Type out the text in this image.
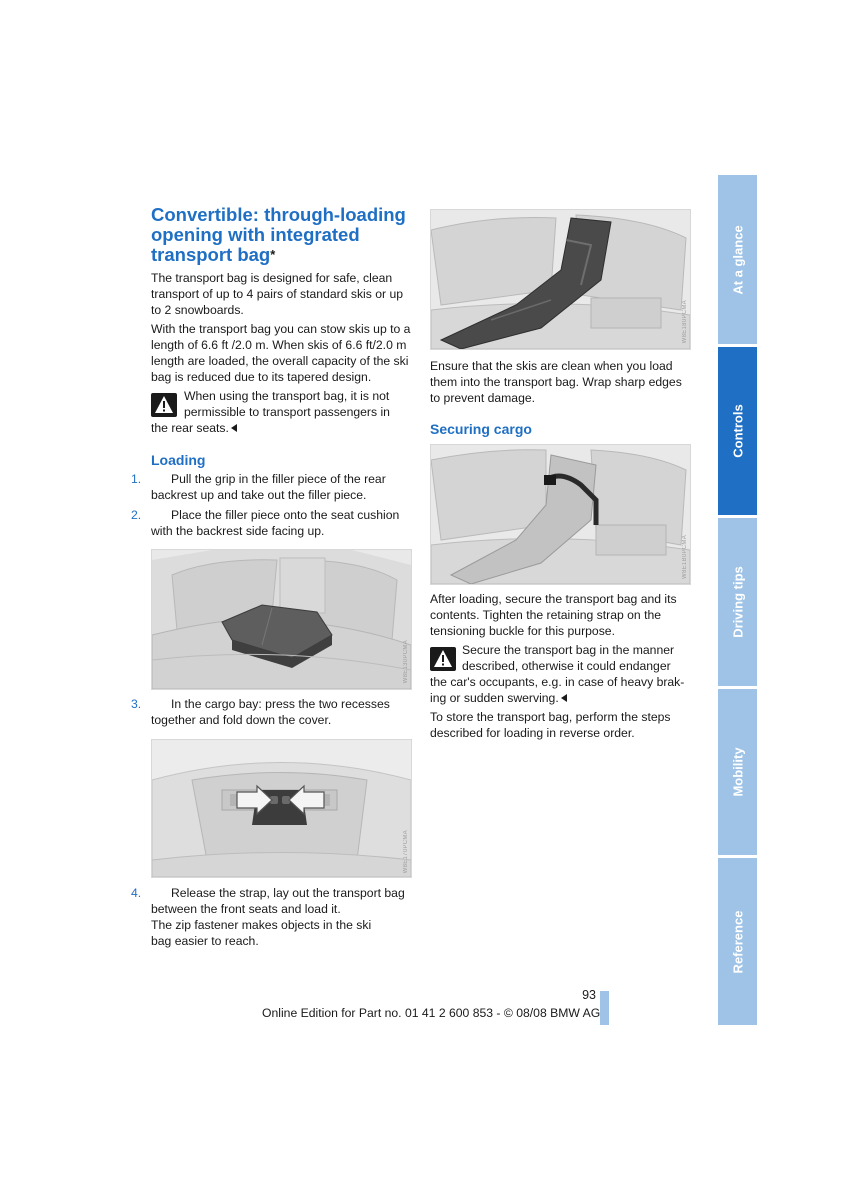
Convertible: through-loading
opening with integrated
transport bag*

The transport bag is designed for safe, clean

transport of up to 4 pairs of standard skis or up

to 2 snowboards.

With the transport bag you can stow skis up to a

length of 6.6 ft /2.0 m. When skis of 6.6 ft/2.0 m

length are loaded, the overall capacity of the ski

bag is reduced due to its tapered design.

When using the transport bag, it is not

permissible to transport passengers in

the rear seats.

Loading

1. Pull the grip in the filler piece of the rear

backrest up and take out the filler piece.

2. Place the filler piece onto the seat cushion

with the backrest side facing up.

W8E130PCMA

3. In the cargo bay: press the two recesses

together and fold down the cover.

W8E170PCMA

4. Release the strap, lay out the transport bag

between the front seats and load it.

The zip fastener makes objects in the ski

bag easier to reach.

W8E180PCMA

Ensure that the skis are clean when you load

them into the transport bag. Wrap sharp edges

to prevent damage.

Securing cargo
W8E1B0PCMA

After loading, secure the transport bag and its

contents. Tighten the retaining strap on the

tensioning buckle for this purpose.

Secure the transport bag in the manner

described, otherwise it could endanger

the car's occupants, e.g. in case of heavy brak-

ing or sudden swerving.

To store the transport bag, perform the steps

described for loading in reverse order.

93
Online Edition for Part no. 01 41 2 600 853 - © 08/08 BMW AG
At a glance
Controls
Driving tips
Mobility
Reference
